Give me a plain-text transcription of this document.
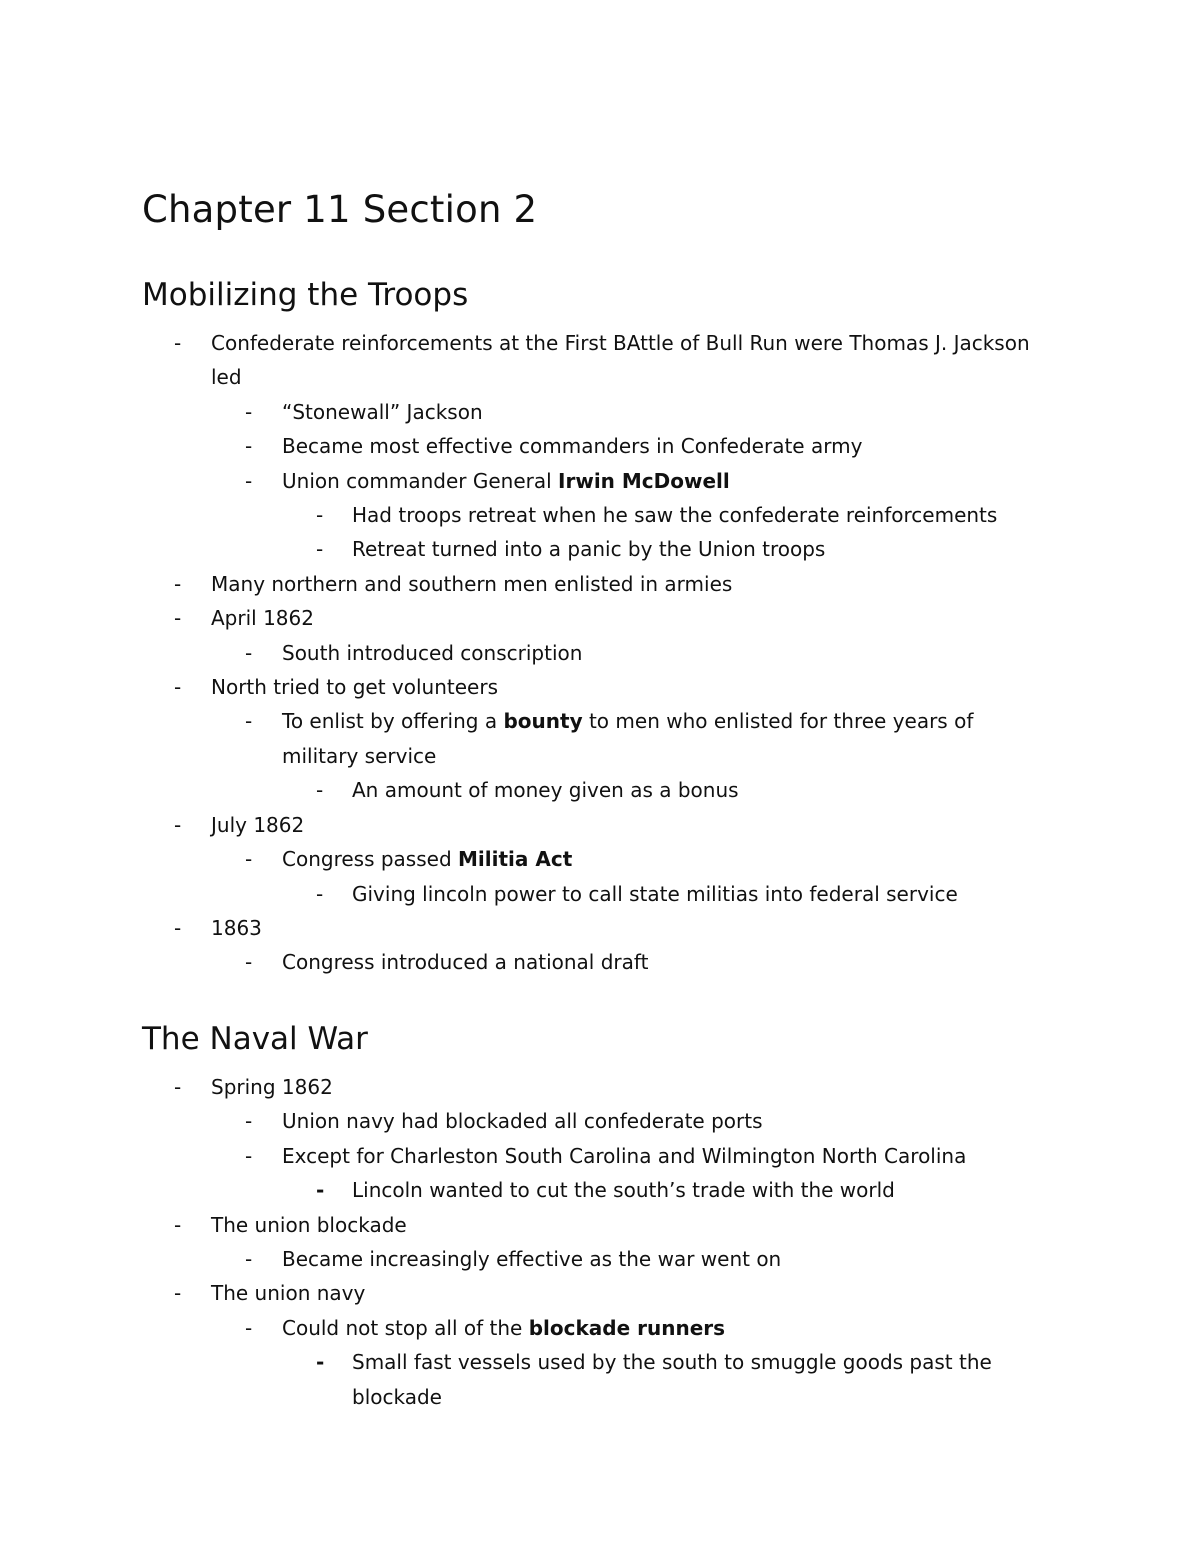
Chapter 11 Section 2
Mobilizing the Troops
-	Confederate reinforcements at the First BAttle of Bull Run were Thomas J. Jackson led
-	“Stonewall” Jackson
-	Became most effective commanders in Confederate army
-	Union commander General Irwin McDowell
-	Had troops retreat when he saw the confederate reinforcements
-	Retreat turned into a panic by the Union troops
-	Many northern and southern men enlisted in armies
-	April 1862
-	South introduced conscription
-	North tried to get volunteers
-	To enlist by offering a bounty to men who enlisted for three years of military service
-	An amount of money given as a bonus
-	July 1862
-	Congress passed Militia Act
-	Giving lincoln power to call state militias into federal service
-	1863
-	Congress introduced a national draft
The Naval War
-	Spring 1862
-	Union navy had blockaded all confederate ports
-	Except for Charleston South Carolina and Wilmington North Carolina
- Lincoln wanted to cut the south’s trade with the world
-	The union blockade
-	Became increasingly effective as the war went on
-	The union navy
-	Could not stop all of the blockade runners
- Small fast vessels used by the south to smuggle goods past the blockade
